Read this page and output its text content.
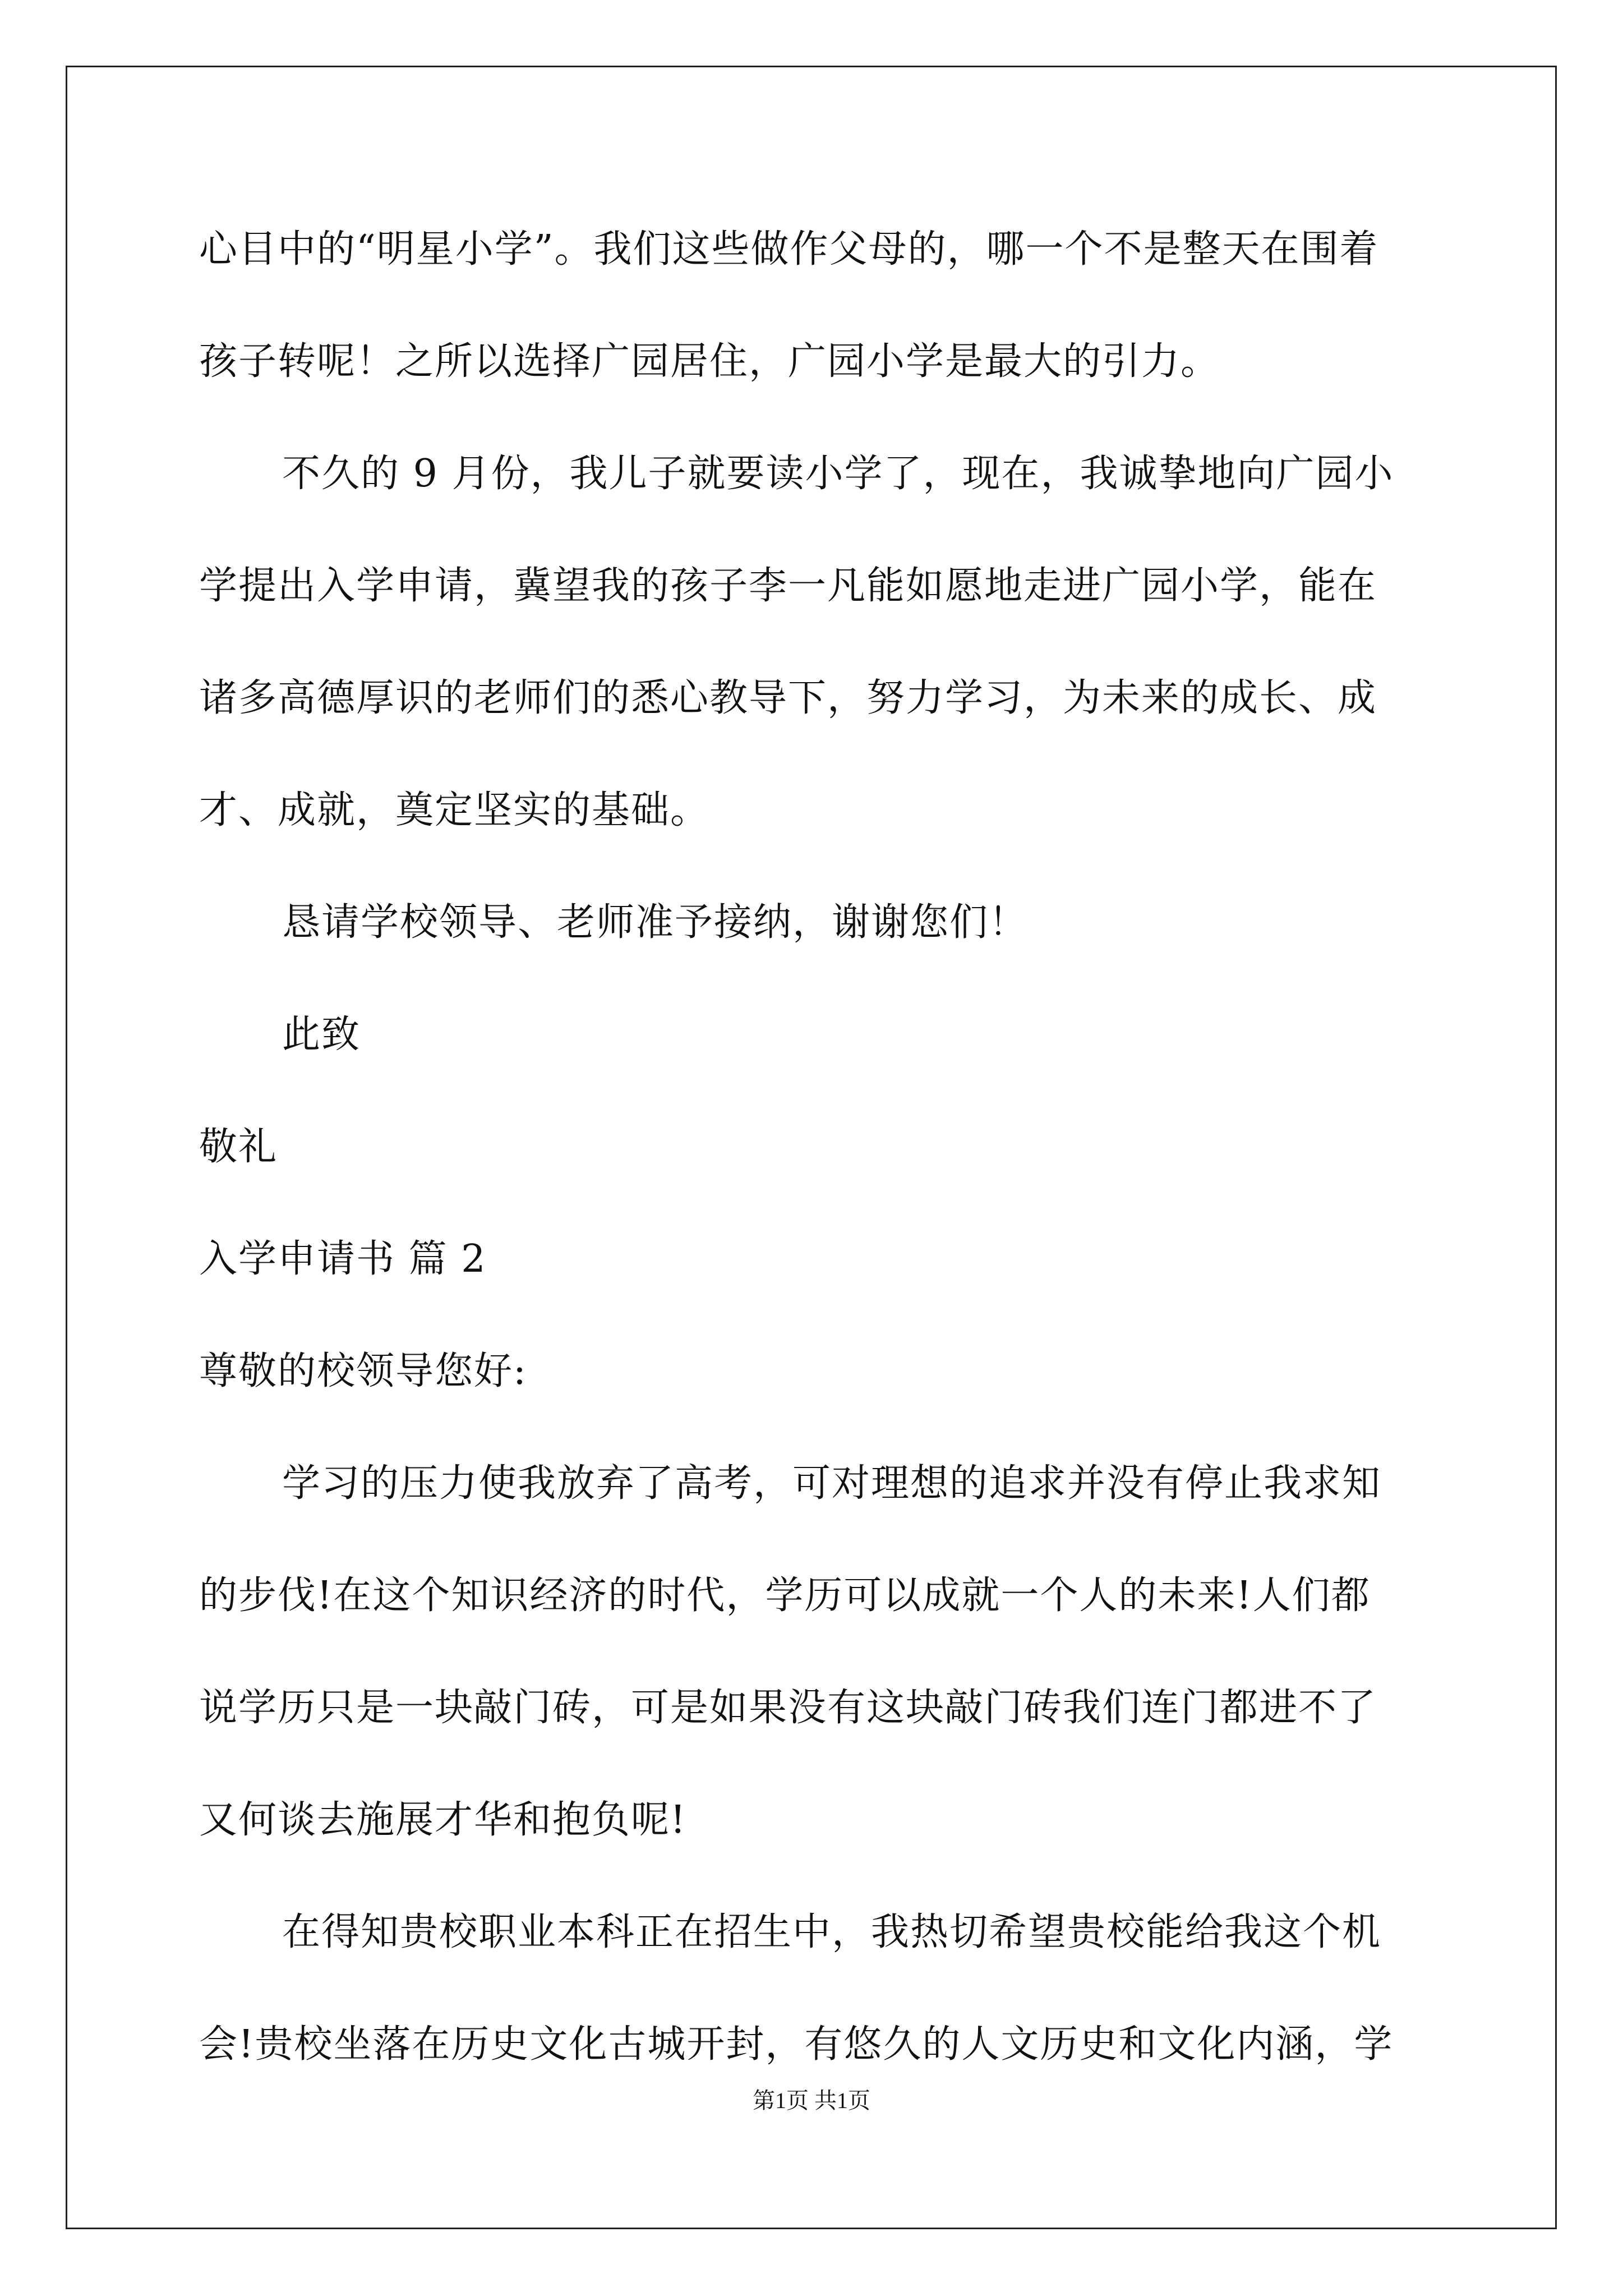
心目中的“明星小学”。我们这些做作父母的，哪一个不是整天在围着
孩子转呢！之所以选择广园居住，广园小学是最大的引力。
不久的 9 月份，我儿子就要读小学了，现在，我诚挚地向广园小
学提出入学申请，冀望我的孩子李一凡能如愿地走进广园小学，能在
诸多高德厚识的老师们的悉心教导下，努力学习，为未来的成长、成
才、成就，奠定坚实的基础。
恳请学校领导、老师准予接纳，谢谢您们！
此致
敬礼
入学申请书 篇 2
尊敬的校领导您好:
学习的压力使我放弃了高考，可对理想的追求并没有停止我求知
的步伐!在这个知识经济的时代，学历可以成就一个人的未来!人们都
说学历只是一块敲门砖，可是如果没有这块敲门砖我们连门都进不了
又何谈去施展才华和抱负呢!
在得知贵校职业本科正在招生中，我热切希望贵校能给我这个机
会!贵校坐落在历史文化古城开封，有悠久的人文历史和文化内涵，学
第1页 共1页
